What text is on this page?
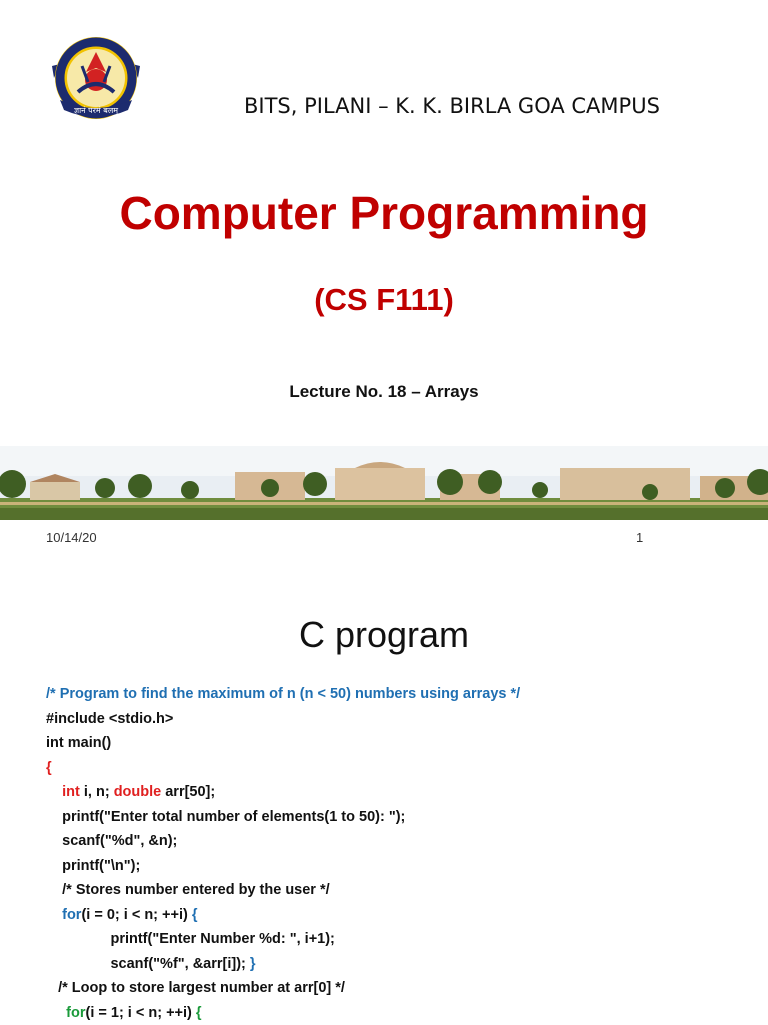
ज्ञानं परमं बलम्	BITS, PILANI – K. K. BIRLA GOA CAMPUS
Computer Programming
(CS F111)
Lecture No. 18 – Arrays
10/14/20	1
C program
/* Program to find the maximum of n (n < 50) numbers using arrays */
#include <stdio.h>
int main()
{
int i, n; double arr[50];
printf("Enter total number of elements(1 to 50): ");
scanf("%d", &n);
printf("\n");
/* Stores number entered by the user */
for(i = 0; i < n; ++i) {
printf("Enter Number %d: ", i+1);
scanf("%f", &arr[i]); }
/* Loop to store largest number at arr[0] */
for(i = 1; i < n; ++i) {
